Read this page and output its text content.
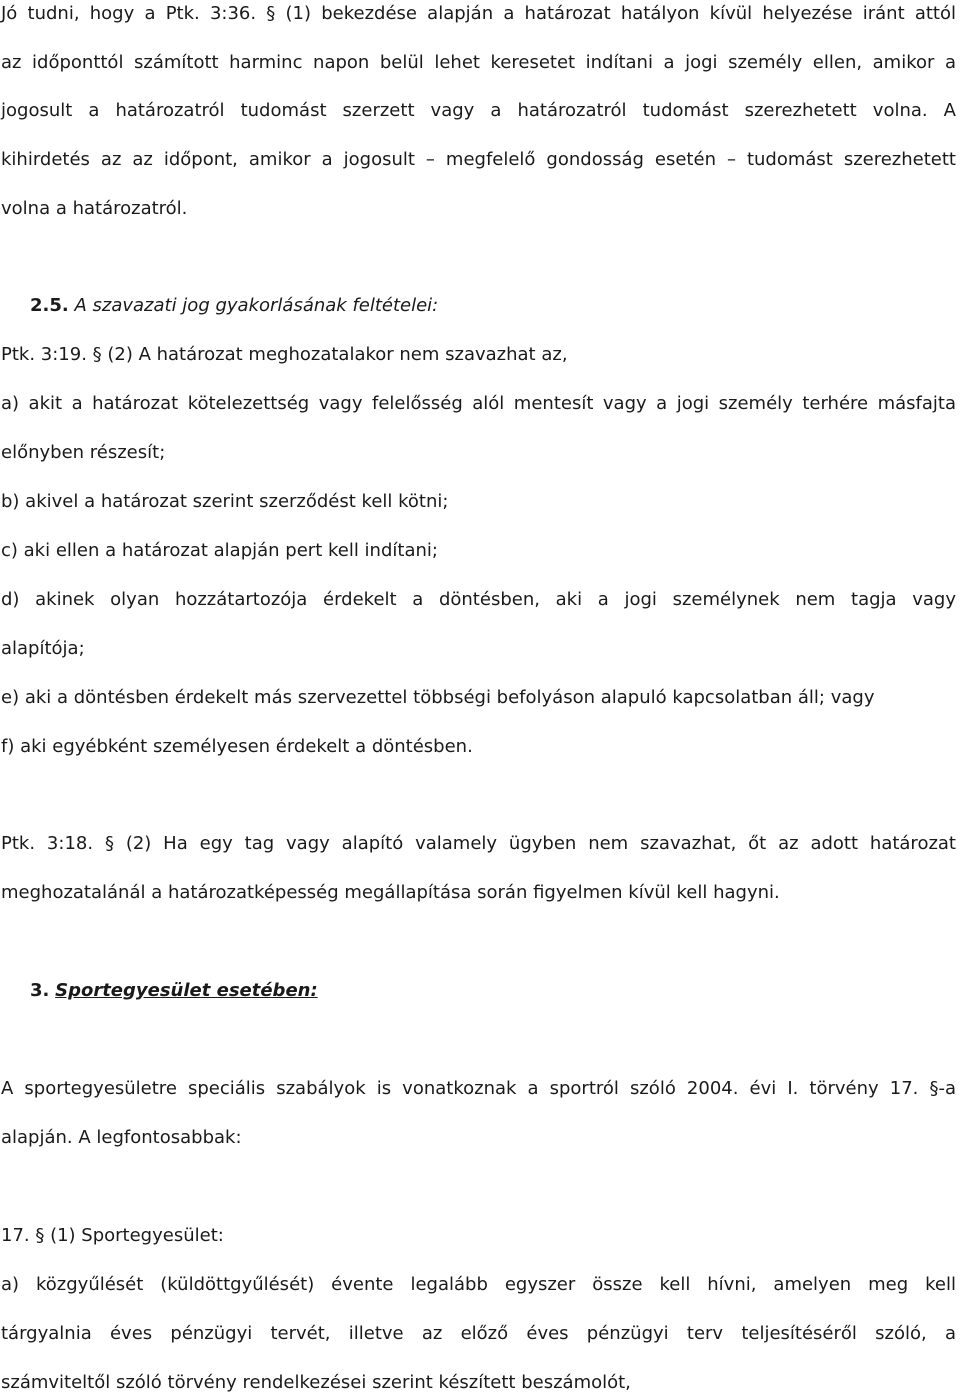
Jó tudni, hogy a Ptk. 3:36. § (1) bekezdése alapján a határozat hatályon kívül helyezése iránt attól
az időponttól számított harminc napon belül lehet keresetet indítani a jogi személy ellen, amikor a
jogosult a határozatról tudomást szerzett vagy a határozatról tudomást szerezhetett volna. A
kihirdetés az az időpont, amikor a jogosult – megfelelő gondosság esetén – tudomást szerezhetett
volna a határozatról.
2.5. A szavazati jog gyakorlásának feltételei:
Ptk. 3:19. § (2) A határozat meghozatalakor nem szavazhat az,
a) akit a határozat kötelezettség vagy felelősség alól mentesít vagy a jogi személy terhére másfajta
előnyben részesít;
b) akivel a határozat szerint szerződést kell kötni;
c) aki ellen a határozat alapján pert kell indítani;
d) akinek olyan hozzátartozója érdekelt a döntésben, aki a jogi személynek nem tagja vagy
alapítója;
e) aki a döntésben érdekelt más szervezettel többségi befolyáson alapuló kapcsolatban áll; vagy
f) aki egyébként személyesen érdekelt a döntésben.
Ptk. 3:18. § (2) Ha egy tag vagy alapító valamely ügyben nem szavazhat, őt az adott határozat
meghozatalánál a határozatképesség megállapítása során figyelmen kívül kell hagyni.
3. Sportegyesület esetében:
A sportegyesületre speciális szabályok is vonatkoznak a sportról szóló 2004. évi I. törvény 17. §-a
alapján. A legfontosabbak:
17. § (1) Sportegyesület:
a) közgyűlését (küldöttgyűlését) évente legalább egyszer össze kell hívni, amelyen meg kell
tárgyalnia éves pénzügyi tervét, illetve az előző éves pénzügyi terv teljesítéséről szóló, a
számviteltől szóló törvény rendelkezései szerint készített beszámolót,
